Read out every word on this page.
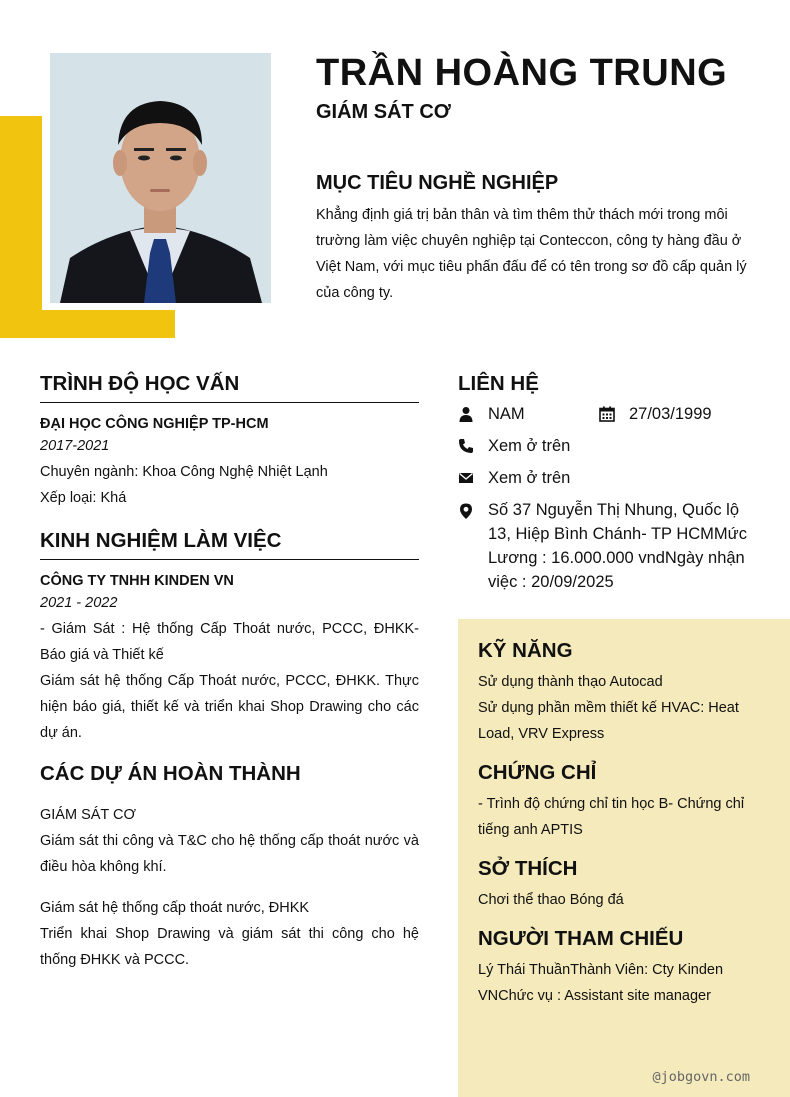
TRẦN HOÀNG TRUNG
GIÁM SÁT CƠ
MỤC TIÊU NGHỀ NGHIỆP
Khẳng định giá trị bản thân và tìm thêm thử thách mới trong môi trường làm việc chuyên nghiệp tại Conteccon, công ty hàng đầu ở Việt Nam, với mục tiêu phấn đấu để có tên trong sơ đồ cấp quản lý của công ty.
TRÌNH ĐỘ HỌC VẤN
ĐẠI HỌC CÔNG NGHIỆP TP-HCM
2017-2021
Chuyên ngành: Khoa Công Nghệ Nhiệt Lạnh
Xếp loại: Khá
KINH NGHIỆM LÀM VIỆC
CÔNG TY TNHH KINDEN VN
2021 - 2022
- Giám Sát : Hệ thống Cấp Thoát nước, PCCC, ĐHKK- Báo giá và Thiết kế
Giám sát hệ thống Cấp Thoát nước, PCCC, ĐHKK. Thực hiện báo giá, thiết kế và triển khai Shop Drawing cho các dự án.
CÁC DỰ ÁN HOÀN THÀNH
GIÁM SÁT CƠ
Giám sát thi công và T&C cho hệ thống cấp thoát nước và điều hòa không khí.
Giám sát hệ thống cấp thoát nước, ĐHKK
Triển khai Shop Drawing và giám sát thi công cho hệ thống ĐHKK và PCCC.
LIÊN HỆ
NAM	27/03/1999
Xem ở trên
Xem ở trên
Số 37 Nguyễn Thị Nhung, Quốc lộ 13, Hiệp Bình Chánh- TP HCMMức Lương : 16.000.000 vndNgày nhận việc : 20/09/2025
KỸ NĂNG
Sử dụng thành thạo Autocad
Sử dụng phần mềm thiết kế HVAC: Heat Load, VRV Express
CHỨNG CHỈ
- Trình độ chứng chỉ tin học B- Chứng chỉ tiếng anh APTIS
SỞ THÍCH
Chơi thể thao Bóng đá
NGƯỜI THAM CHIẾU
Lý Thái ThuầnThành Viên: Cty Kinden VNChức vụ : Assistant site manager
@jobgovn.com
